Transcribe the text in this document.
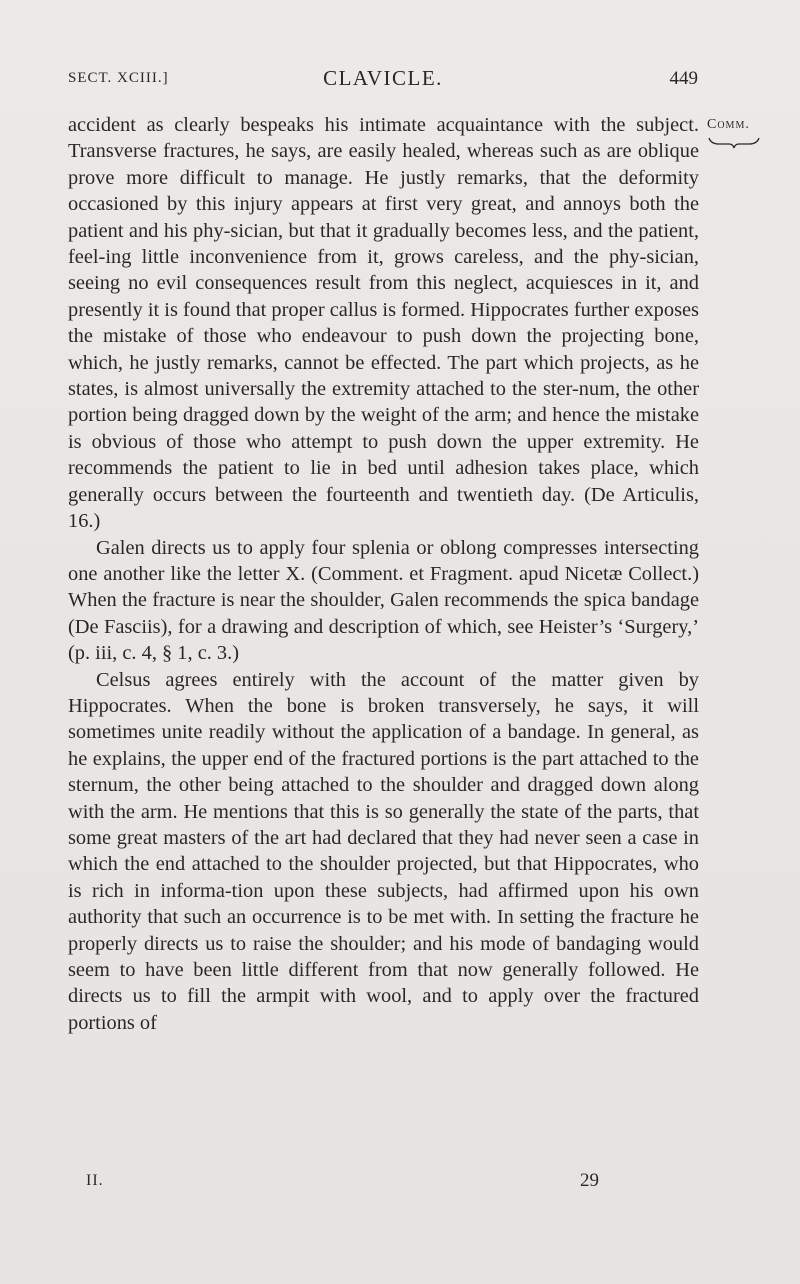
SECT. XCIII.]	CLAVICLE.	449
Comm.

accident as clearly bespeaks his intimate acquaintance with the subject. Transverse fractures, he says, are easily healed, whereas such as are oblique prove more difficult to manage. He justly remarks, that the deformity occasioned by this injury appears at first very great, and annoys both the patient and his phy-sician, but that it gradually becomes less, and the patient, feel-ing little inconvenience from it, grows careless, and the phy-sician, seeing no evil consequences result from this neglect, acquiesces in it, and presently it is found that proper callus is formed. Hippocrates further exposes the mistake of those who endeavour to push down the projecting bone, which, he justly remarks, cannot be effected. The part which projects, as he states, is almost universally the extremity attached to the ster-num, the other portion being dragged down by the weight of the arm; and hence the mistake is obvious of those who attempt to push down the upper extremity. He recommends the patient to lie in bed until adhesion takes place, which generally occurs between the fourteenth and twentieth day. (De Articulis, 16.)

Galen directs us to apply four splenia or oblong compresses intersecting one another like the letter X. (Comment. et Fragment. apud Nicetæ Collect.) When the fracture is near the shoulder, Galen recommends the spica bandage (De Fasciis), for a drawing and description of which, see Heister’s ‘Surgery,’ (p. iii, c. 4, § 1, c. 3.)

Celsus agrees entirely with the account of the matter given by Hippocrates. When the bone is broken transversely, he says, it will sometimes unite readily without the application of a bandage. In general, as he explains, the upper end of the fractured portions is the part attached to the sternum, the other being attached to the shoulder and dragged down along with the arm. He mentions that this is so generally the state of the parts, that some great masters of the art had declared that they had never seen a case in which the end attached to the shoulder projected, but that Hippocrates, who is rich in informa-tion upon these subjects, had affirmed upon his own authority that such an occurrence is to be met with. In setting the fracture he properly directs us to raise the shoulder; and his mode of bandaging would seem to have been little different from that now generally followed. He directs us to fill the armpit with wool, and to apply over the fractured portions of

II.	29
